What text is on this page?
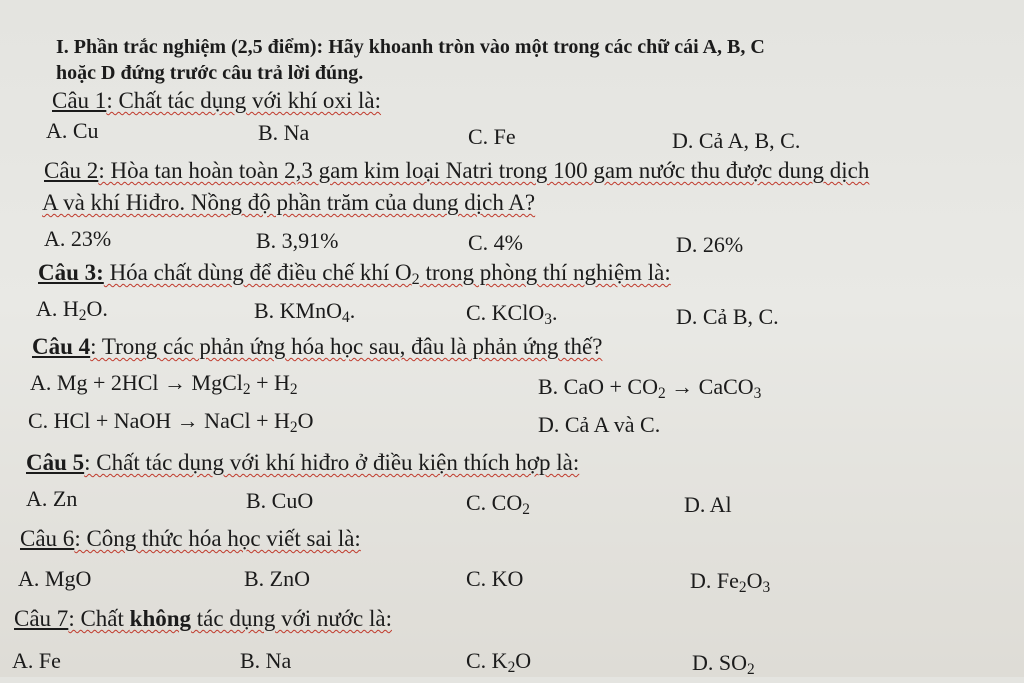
I. Phần trắc nghiệm (2,5 điểm): Hãy khoanh tròn vào một trong các chữ cái A, B, C
hoặc D đứng trước câu trả lời đúng.
Câu 1: Chất tác dụng với khí oxi là:
A. Cu	B. Na	C. Fe	D. Cả A, B, C.
Câu 2: Hòa tan hoàn toàn 2,3 gam kim loại Natri trong 100 gam nước thu được dung dịch
A và khí Hiđro. Nồng độ phần trăm của dung dịch A?
A. 23%	B. 3,91%	C. 4%	D. 26%
Câu 3: Hóa chất dùng để điều chế khí $O_2$ trong phòng thí nghiệm là:
A. $H_2O$.	B. KMnO$_4$.	C. KClO$_3$.	D. Cả B, C.
Câu 4: Trong các phản ứng hóa học sau, đâu là phản ứng thế?
A. Mg + 2HCl → MgCl$_2$ + $H_2$	B. CaO + $CO_2$ → CaCO$_3$
C. HCl + NaOH → NaCl + $H_2O$	D. Cả A và C.
Câu 5: Chất tác dụng với khí hiđro ở điều kiện thích hợp là:
A. Zn	B. CuO	C. $CO_2$	D. Al
Câu 6: Công thức hóa học viết sai là:
A. MgO	B. ZnO	C. KO	D. $Fe_2O_3$
Câu 7: Chất không tác dụng với nước là:
A. Fe	B. Na	C. $K_2O$	D. $SO_2$
